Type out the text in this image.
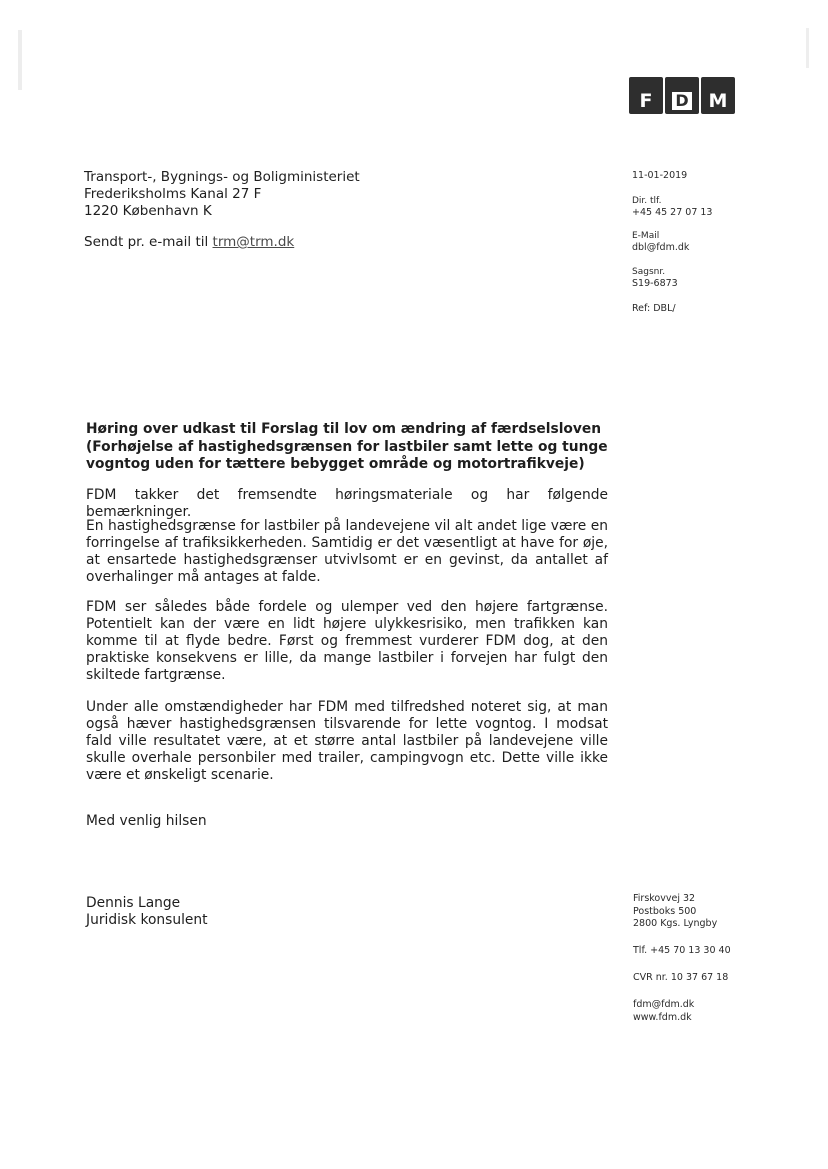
F	D	M
Transport-, Bygnings- og Boligministeriet
Frederiksholms Kanal 27 F
1220 København K
Sendt pr. e-mail til trm@trm.dk
11-01-2019
Dir. tlf.
+45 45 27 07 13
E-Mail
dbl@fdm.dk
Sagsnr.
S19-6873
Ref: DBL/
Høring over udkast til Forslag til lov om ændring af færdselsloven (Forhøjelse af hastighedsgrænsen for lastbiler samt lette og tunge vogntog uden for tættere bebygget område og motortrafikveje)
FDM takker det fremsendte høringsmateriale og har følgende bemærkninger.
En hastighedsgrænse for lastbiler på landevejene vil alt andet lige være en forringelse af trafiksikkerheden. Samtidig er det væsentligt at have for øje, at ensartede hastighedsgrænser utvivlsomt er en gevinst, da antallet af overhalinger må antages at falde.
FDM ser således både fordele og ulemper ved den højere fartgrænse. Potentielt kan der være en lidt højere ulykkesrisiko, men trafikken kan komme til at flyde bedre. Først og fremmest vurderer FDM dog, at den praktiske konsekvens er lille, da mange lastbiler i forvejen har fulgt den skiltede fartgrænse.
Under alle omstændigheder har FDM med tilfredshed noteret sig, at man også hæver hastighedsgrænsen tilsvarende for lette vogntog. I modsat fald ville resultatet være, at et større antal lastbiler på landevejene ville skulle overhale personbiler med trailer, campingvogn etc. Dette ville ikke være et ønskeligt scenarie.
Med venlig hilsen
Dennis Lange
Juridisk konsulent
Firskovvej 32
Postboks 500
2800 Kgs. Lyngby
Tlf. +45 70 13 30 40
CVR nr. 10 37 67 18
fdm@fdm.dk
www.fdm.dk
